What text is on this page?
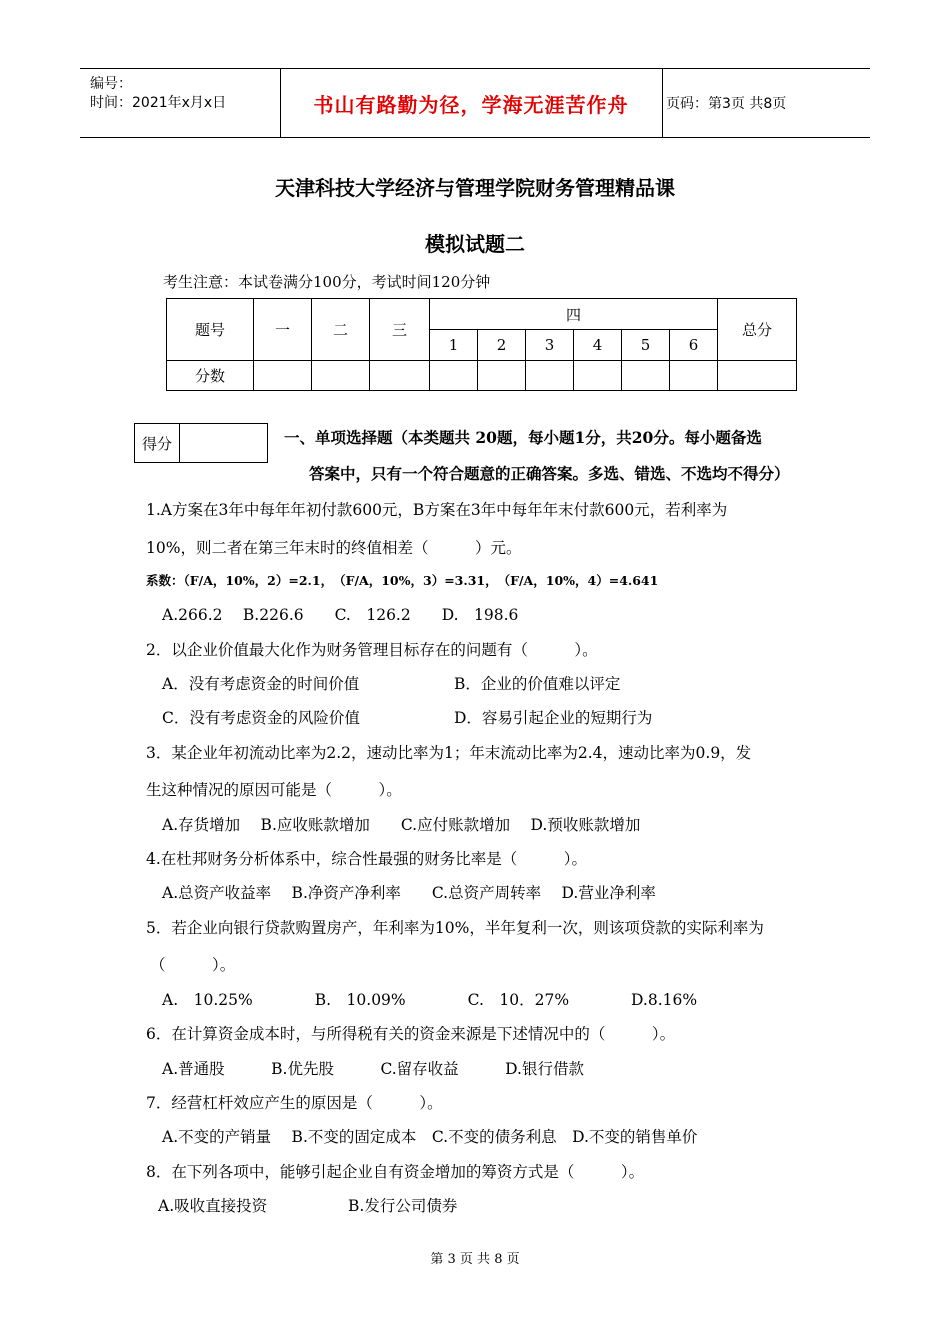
编号：
时间：2021年x月x日	书山有路勤为径，学海无涯苦作舟	页码：第3页 共8页
天津科技大学经济与管理学院财务管理精品课
模拟试题二
考生注意：本试卷满分100分，考试时间120分钟
题号	一	二	三	四						总分
				1	2	3	4	5	6	
分数										
得分	一、单项选择题（本类题共 20题，每小题1分，共20分。每小题备选
答案中，只有一个符合题意的正确答案。多选、错选、不选均不得分）
1.A方案在3年中每年年初付款600元，B方案在3年中每年年末付款600元，若利率为
10%，则二者在第三年末时的终值相差（　　　）元。
系数：（F/A，10%，2）=2.1，　（F/A，10%，3）=3.31，　（F/A，10%，4）=4.641
A.266.2　 B.226.6　　C.　126.2　　D.　198.6
2．以企业价值最大化作为财务管理目标存在的问题有（　　　）。
A．没有考虑资金的时间价值	B．企业的价值难以评定
C．没有考虑资金的风险价值	D．容易引起企业的短期行为
3．某企业年初流动比率为2.2，速动比率为1；年末流动比率为2.4，速动比率为0.9，发
生这种情况的原因可能是（　　　）。
A.存货增加　 B.应收账款增加　　C.应付账款增加　 D.预收账款增加
4.在杜邦财务分析体系中，综合性最强的财务比率是（　　　）。
A.总资产收益率　 B.净资产净利率　　C.总资产周转率　 D.营业净利率
5．若企业向银行贷款购置房产，年利率为10%，半年复利一次，则该项贷款的实际利率为
（　　　）。
A.　10.25%　　　　B.　10.09%　　　　C.　10．27%　　　　D.8.16%
6．在计算资金成本时，与所得税有关的资金来源是下述情况中的（　　　）。
A.普通股　　　B.优先股　　　C.留存收益　　　D.银行借款
7．经营杠杆效应产生的原因是（　　　）。
A.不变的产销量　 B.不变的固定成本　C.不变的债务利息　D.不变的销售单价
8．在下列各项中，能够引起企业自有资金增加的筹资方式是（　　　）。
A.吸收直接投资	B.发行公司债券
第 3 页 共 8 页
